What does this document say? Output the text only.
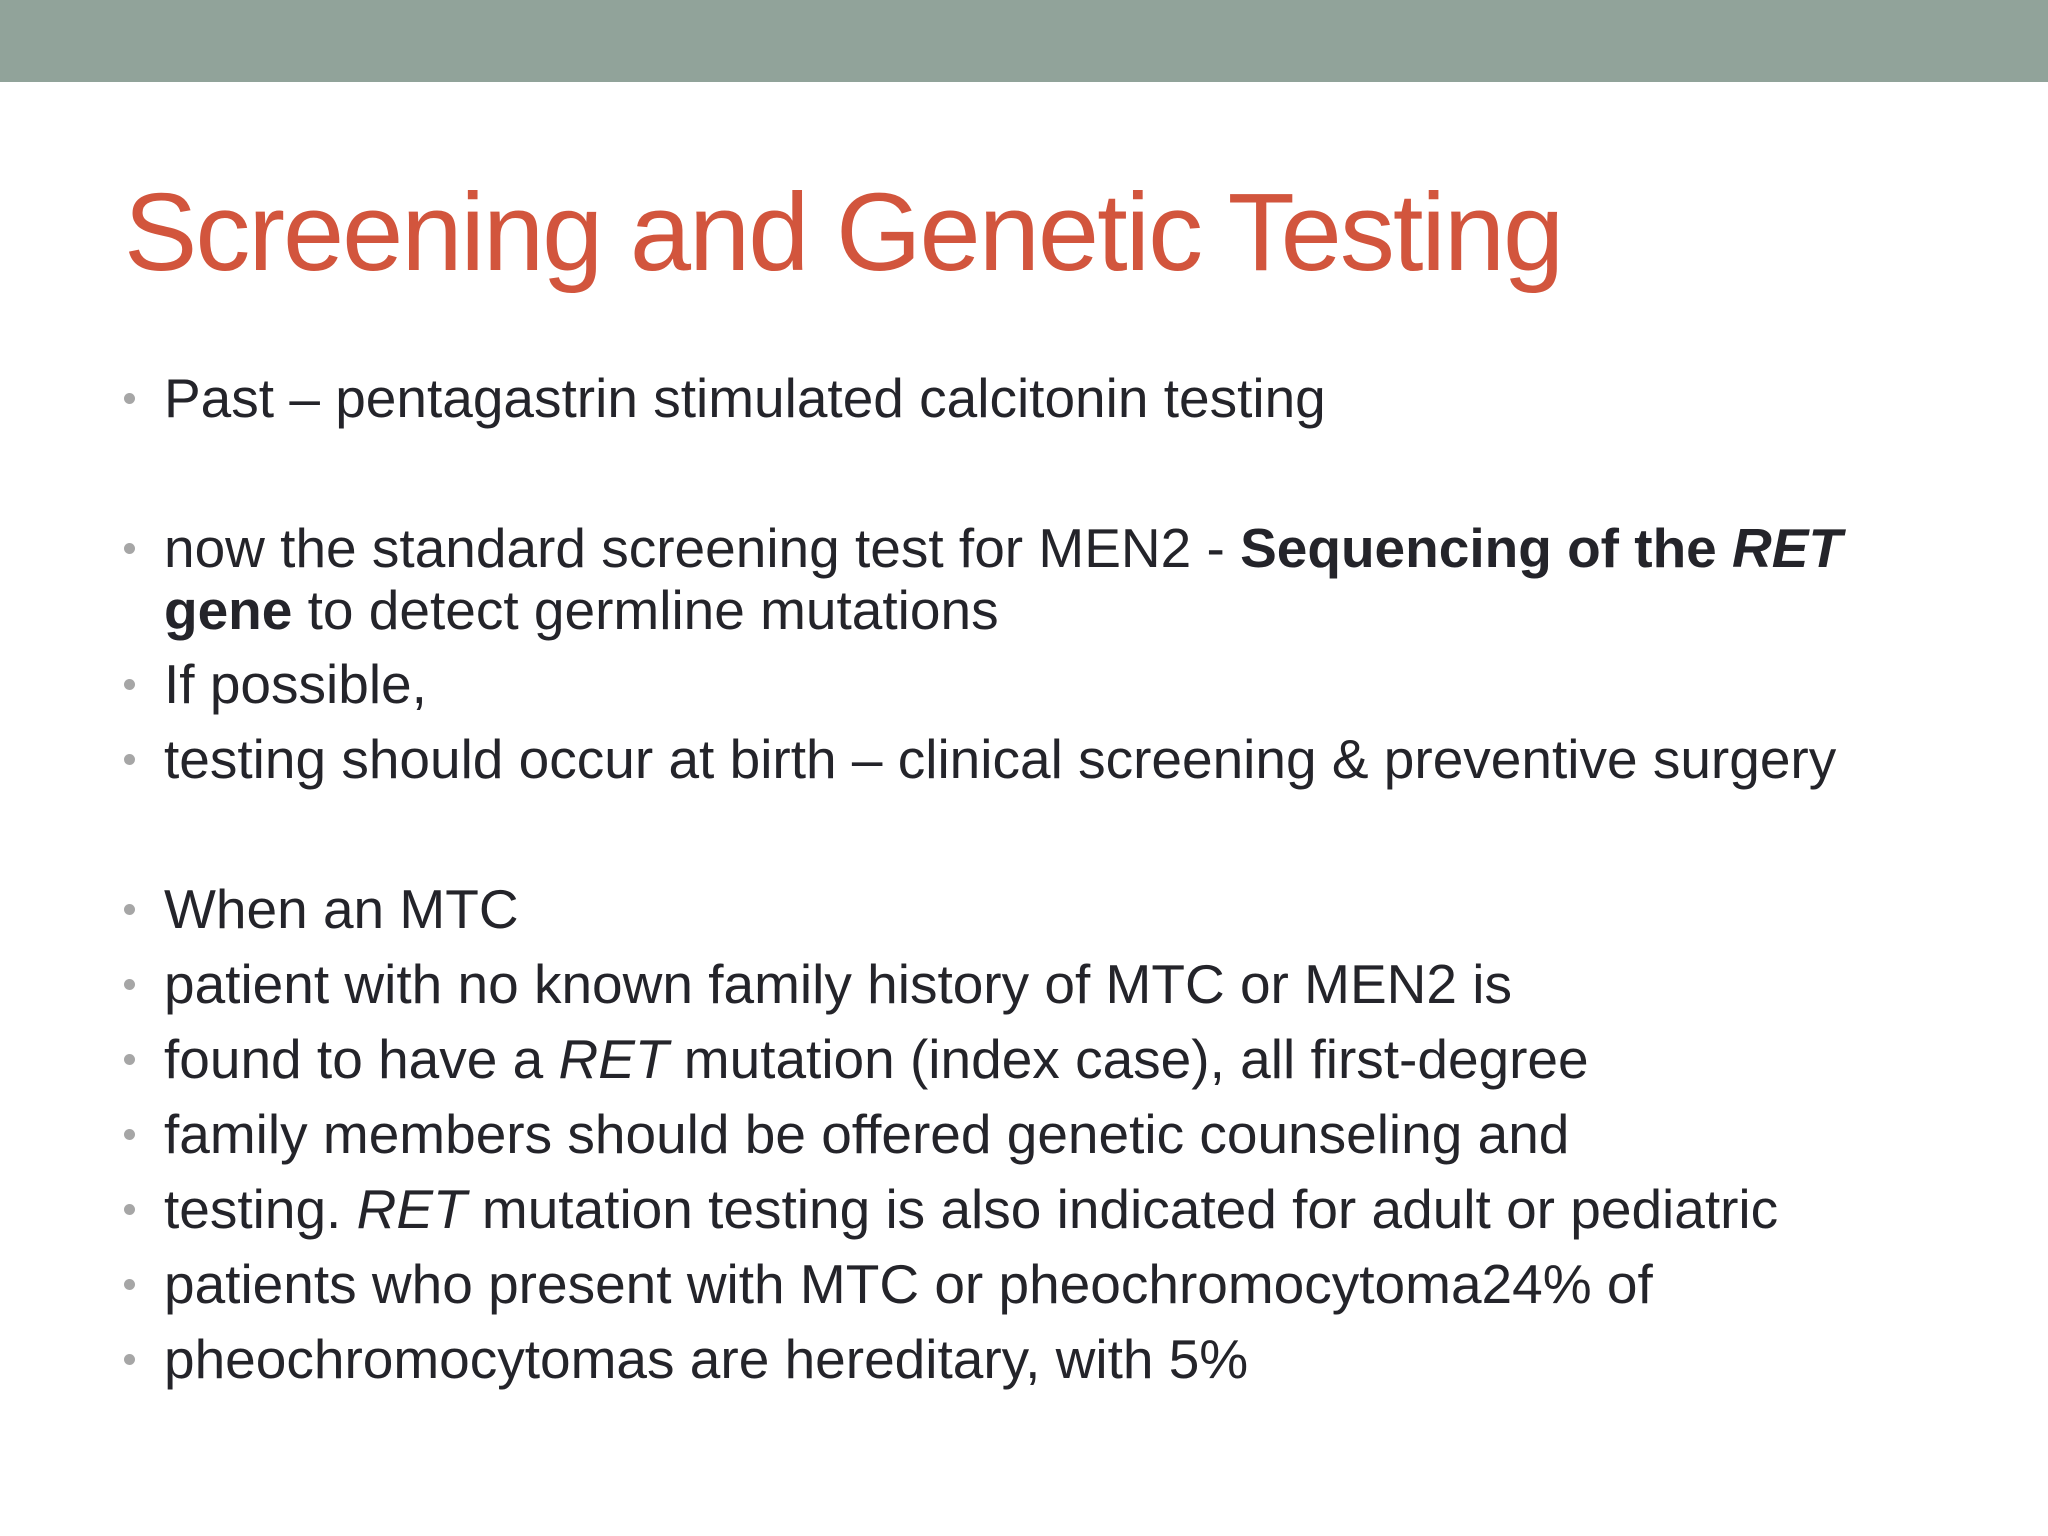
Screening and Genetic Testing
Past – pentagastrin stimulated calcitonin testing
now the standard screening test for MEN2 - Sequencing of the RET
gene to detect germline mutations
If possible,
testing should occur at birth – clinical screening & preventive surgery
When an MTC
patient with no known family history of MTC or MEN2 is
found to have a RET mutation (index case), all first-degree
family members should be offered genetic counseling and
testing. RET mutation testing is also indicated for adult or pediatric
patients who present with MTC or pheochromocytoma24% of
pheochromocytomas are hereditary, with 5%
